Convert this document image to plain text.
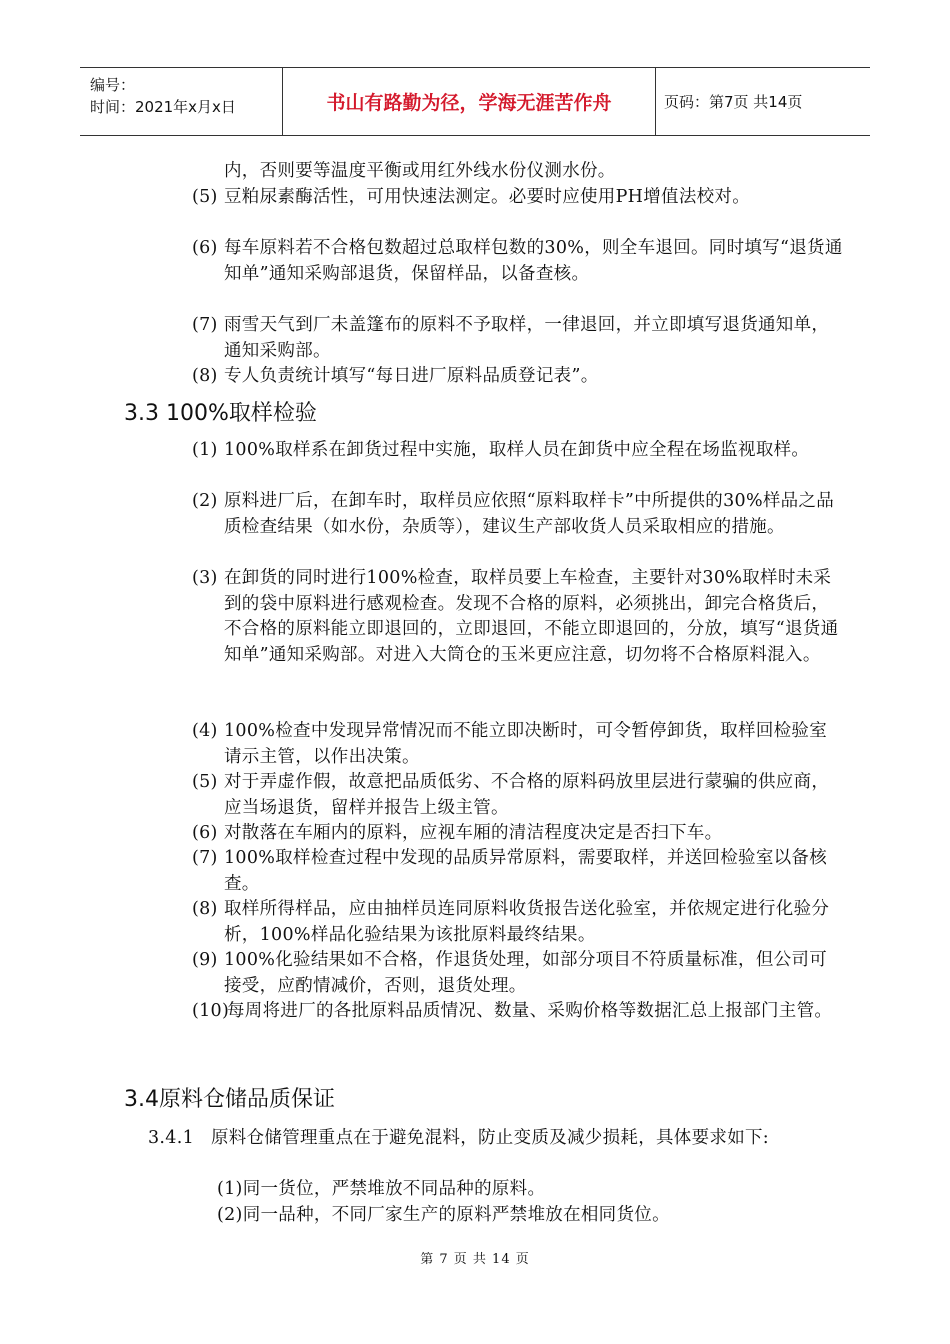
编号：
时间：2021年x月x日	书山有路勤为径，学海无涯苦作舟	页码：第7页 共14页
内，否则要等温度平衡或用红外线水份仪测水份。
(5) 豆粕尿素酶活性，可用快速法测定。必要时应使用PH增值法校对。
(6) 每车原料若不合格包数超过总取样包数的30%，则全车退回。同时填写“退货通知单”通知采购部退货，保留样品，以备查核。
(7) 雨雪天气到厂未盖篷布的原料不予取样，一律退回，并立即填写退货通知单，通知采购部。
(8) 专人负责统计填写“每日进厂原料品质登记表”。
3.3 100%取样检验
(1) 100%取样系在卸货过程中实施，取样人员在卸货中应全程在场监视取样。
(2) 原料进厂后，在卸车时，取样员应依照“原料取样卡”中所提供的30%样品之品质检查结果（如水份，杂质等），建议生产部收货人员采取相应的措施。
(3) 在卸货的同时进行100%检查，取样员要上车检查，主要针对30%取样时未采到的袋中原料进行感观检查。发现不合格的原料，必须挑出，卸完合格货后，不合格的原料能立即退回的，立即退回，不能立即退回的，分放，填写“退货通知单”通知采购部。对进入大筒仓的玉米更应注意，切勿将不合格原料混入。
(4) 100%检查中发现异常情况而不能立即决断时，可令暂停卸货，取样回检验室请示主管，以作出决策。
(5) 对于弄虚作假，故意把品质低劣、不合格的原料码放里层进行蒙骗的供应商，应当场退货，留样并报告上级主管。
(6) 对散落在车厢内的原料，应视车厢的清洁程度决定是否扫下车。
(7) 100%取样检查过程中发现的品质异常原料，需要取样，并送回检验室以备核查。
(8) 取样所得样品，应由抽样员连同原料收货报告送化验室，并依规定进行化验分析，100%样品化验结果为该批原料最终结果。
(9) 100%化验结果如不合格，作退货处理，如部分项目不符质量标准，但公司可接受，应酌情减价，否则，退货处理。
(10)
每周将进厂的各批原料品质情况、数量、采购价格等数据汇总上报部门主管。
3.4原料仓储品质保证
3.4.1 原料仓储管理重点在于避免混料，防止变质及减少损耗，具体要求如下:
(1)同一货位，严禁堆放不同品种的原料。
(2)同一品种，不同厂家生产的原料严禁堆放在相同货位。
第 7 页 共 14 页
